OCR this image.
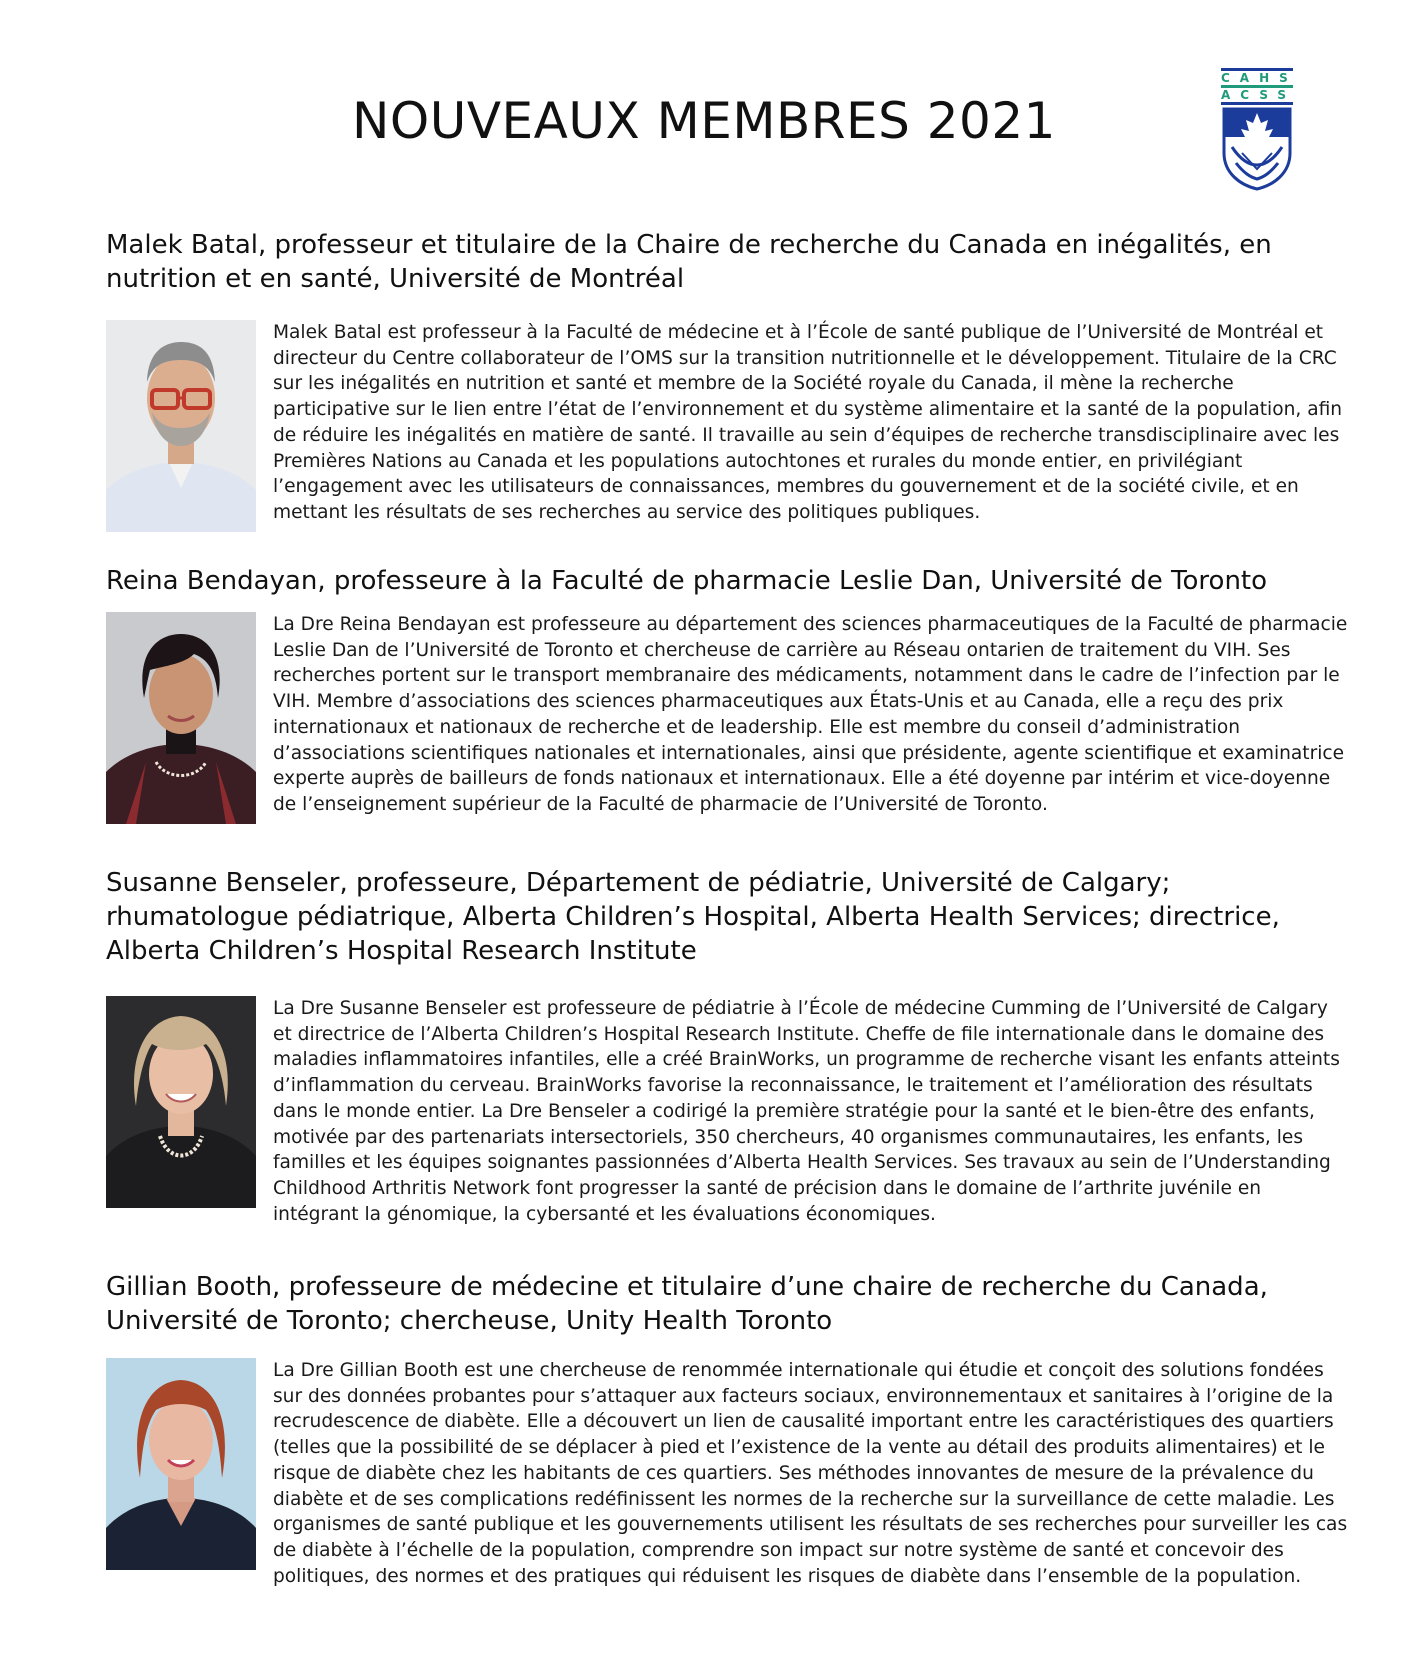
NOUVEAUX MEMBRES 2021
CAHS
ACSS
Malek Batal, professeur et titulaire de la Chaire de recherche du Canada en inégalités, en nutrition et en santé, Université de Montréal

Malek Batal est professeur à la Faculté de médecine et à l’École de santé publique de l’Université de Montréal et directeur du Centre collaborateur de l’OMS sur la transition nutritionnelle et le développement. Titulaire de la CRC sur les inégalités en nutrition et santé et membre de la Société royale du Canada, il mène la recherche participative sur le lien entre l’état de l’environnement et du système alimentaire et la santé de la population, afin de réduire les inégalités en matière de santé. Il travaille au sein d’équipes de recherche transdisciplinaire avec les Premières Nations au Canada et les populations autochtones et rurales du monde entier, en privilégiant l’engagement avec les utilisateurs de connaissances, membres du gouvernement et de la société civile, et en mettant les résultats de ses recherches au service des politiques publiques.

Reina Bendayan, professeure à la Faculté de pharmacie Leslie Dan, Université de Toronto

La Dre Reina Bendayan est professeure au département des sciences pharmaceutiques de la Faculté de pharmacie Leslie Dan de l’Université de Toronto et chercheuse de carrière au Réseau ontarien de traitement du VIH. Ses recherches portent sur le transport membranaire des médicaments, notamment dans le cadre de l’infection par le VIH. Membre d’associations des sciences pharmaceutiques aux États-Unis et au Canada, elle a reçu des prix internationaux et nationaux de recherche et de leadership. Elle est membre du conseil d’administration d’associations scientifiques nationales et internationales, ainsi que présidente, agente scientifique et examinatrice experte auprès de bailleurs de fonds nationaux et internationaux. Elle a été doyenne par intérim et vice-doyenne de l’enseignement supérieur de la Faculté de pharmacie de l’Université de Toronto.

Susanne Benseler, professeure, Département de pédiatrie, Université de Calgary; rhumatologue pédiatrique, Alberta Children’s Hospital, Alberta Health Services; directrice, Alberta Children’s Hospital Research Institute

La Dre Susanne Benseler est professeure de pédiatrie à l’École de médecine Cumming de l’Université de Calgary et directrice de l’Alberta Children’s Hospital Research Institute. Cheffe de file internationale dans le domaine des maladies inflammatoires infantiles, elle a créé BrainWorks, un programme de recherche visant les enfants atteints d’inflammation du cerveau. BrainWorks favorise la reconnaissance, le traitement et l’amélioration des résultats dans le monde entier. La Dre Benseler a codirigé la première stratégie pour la santé et le bien-être des enfants, motivée par des partenariats intersectoriels, 350 chercheurs, 40 organismes communautaires, les enfants, les familles et les équipes soignantes passionnées d’Alberta Health Services. Ses travaux au sein de l’Understanding Childhood Arthritis Network font progresser la santé de précision dans le domaine de l’arthrite juvénile en intégrant la génomique, la cybersanté et les évaluations économiques.

Gillian Booth, professeure de médecine et titulaire d’une chaire de recherche du Canada, Université de Toronto; chercheuse, Unity Health Toronto

La Dre Gillian Booth est une chercheuse de renommée internationale qui étudie et conçoit des solutions fondées sur des données probantes pour s’attaquer aux facteurs sociaux, environnementaux et sanitaires à l’origine de la recrudescence de diabète. Elle a découvert un lien de causalité important entre les caractéristiques des quartiers (telles que la possibilité de se déplacer à pied et l’existence de la vente au détail des produits alimentaires) et le risque de diabète chez les habitants de ces quartiers. Ses méthodes innovantes de mesure de la prévalence du diabète et de ses complications redéfinissent les normes de la recherche sur la surveillance de cette maladie. Les organismes de santé publique et les gouvernements utilisent les résultats de ses recherches pour surveiller les cas de diabète à l’échelle de la population, comprendre son impact sur notre système de santé et concevoir des politiques, des normes et des pratiques qui réduisent les risques de diabète dans l’ensemble de la population.
